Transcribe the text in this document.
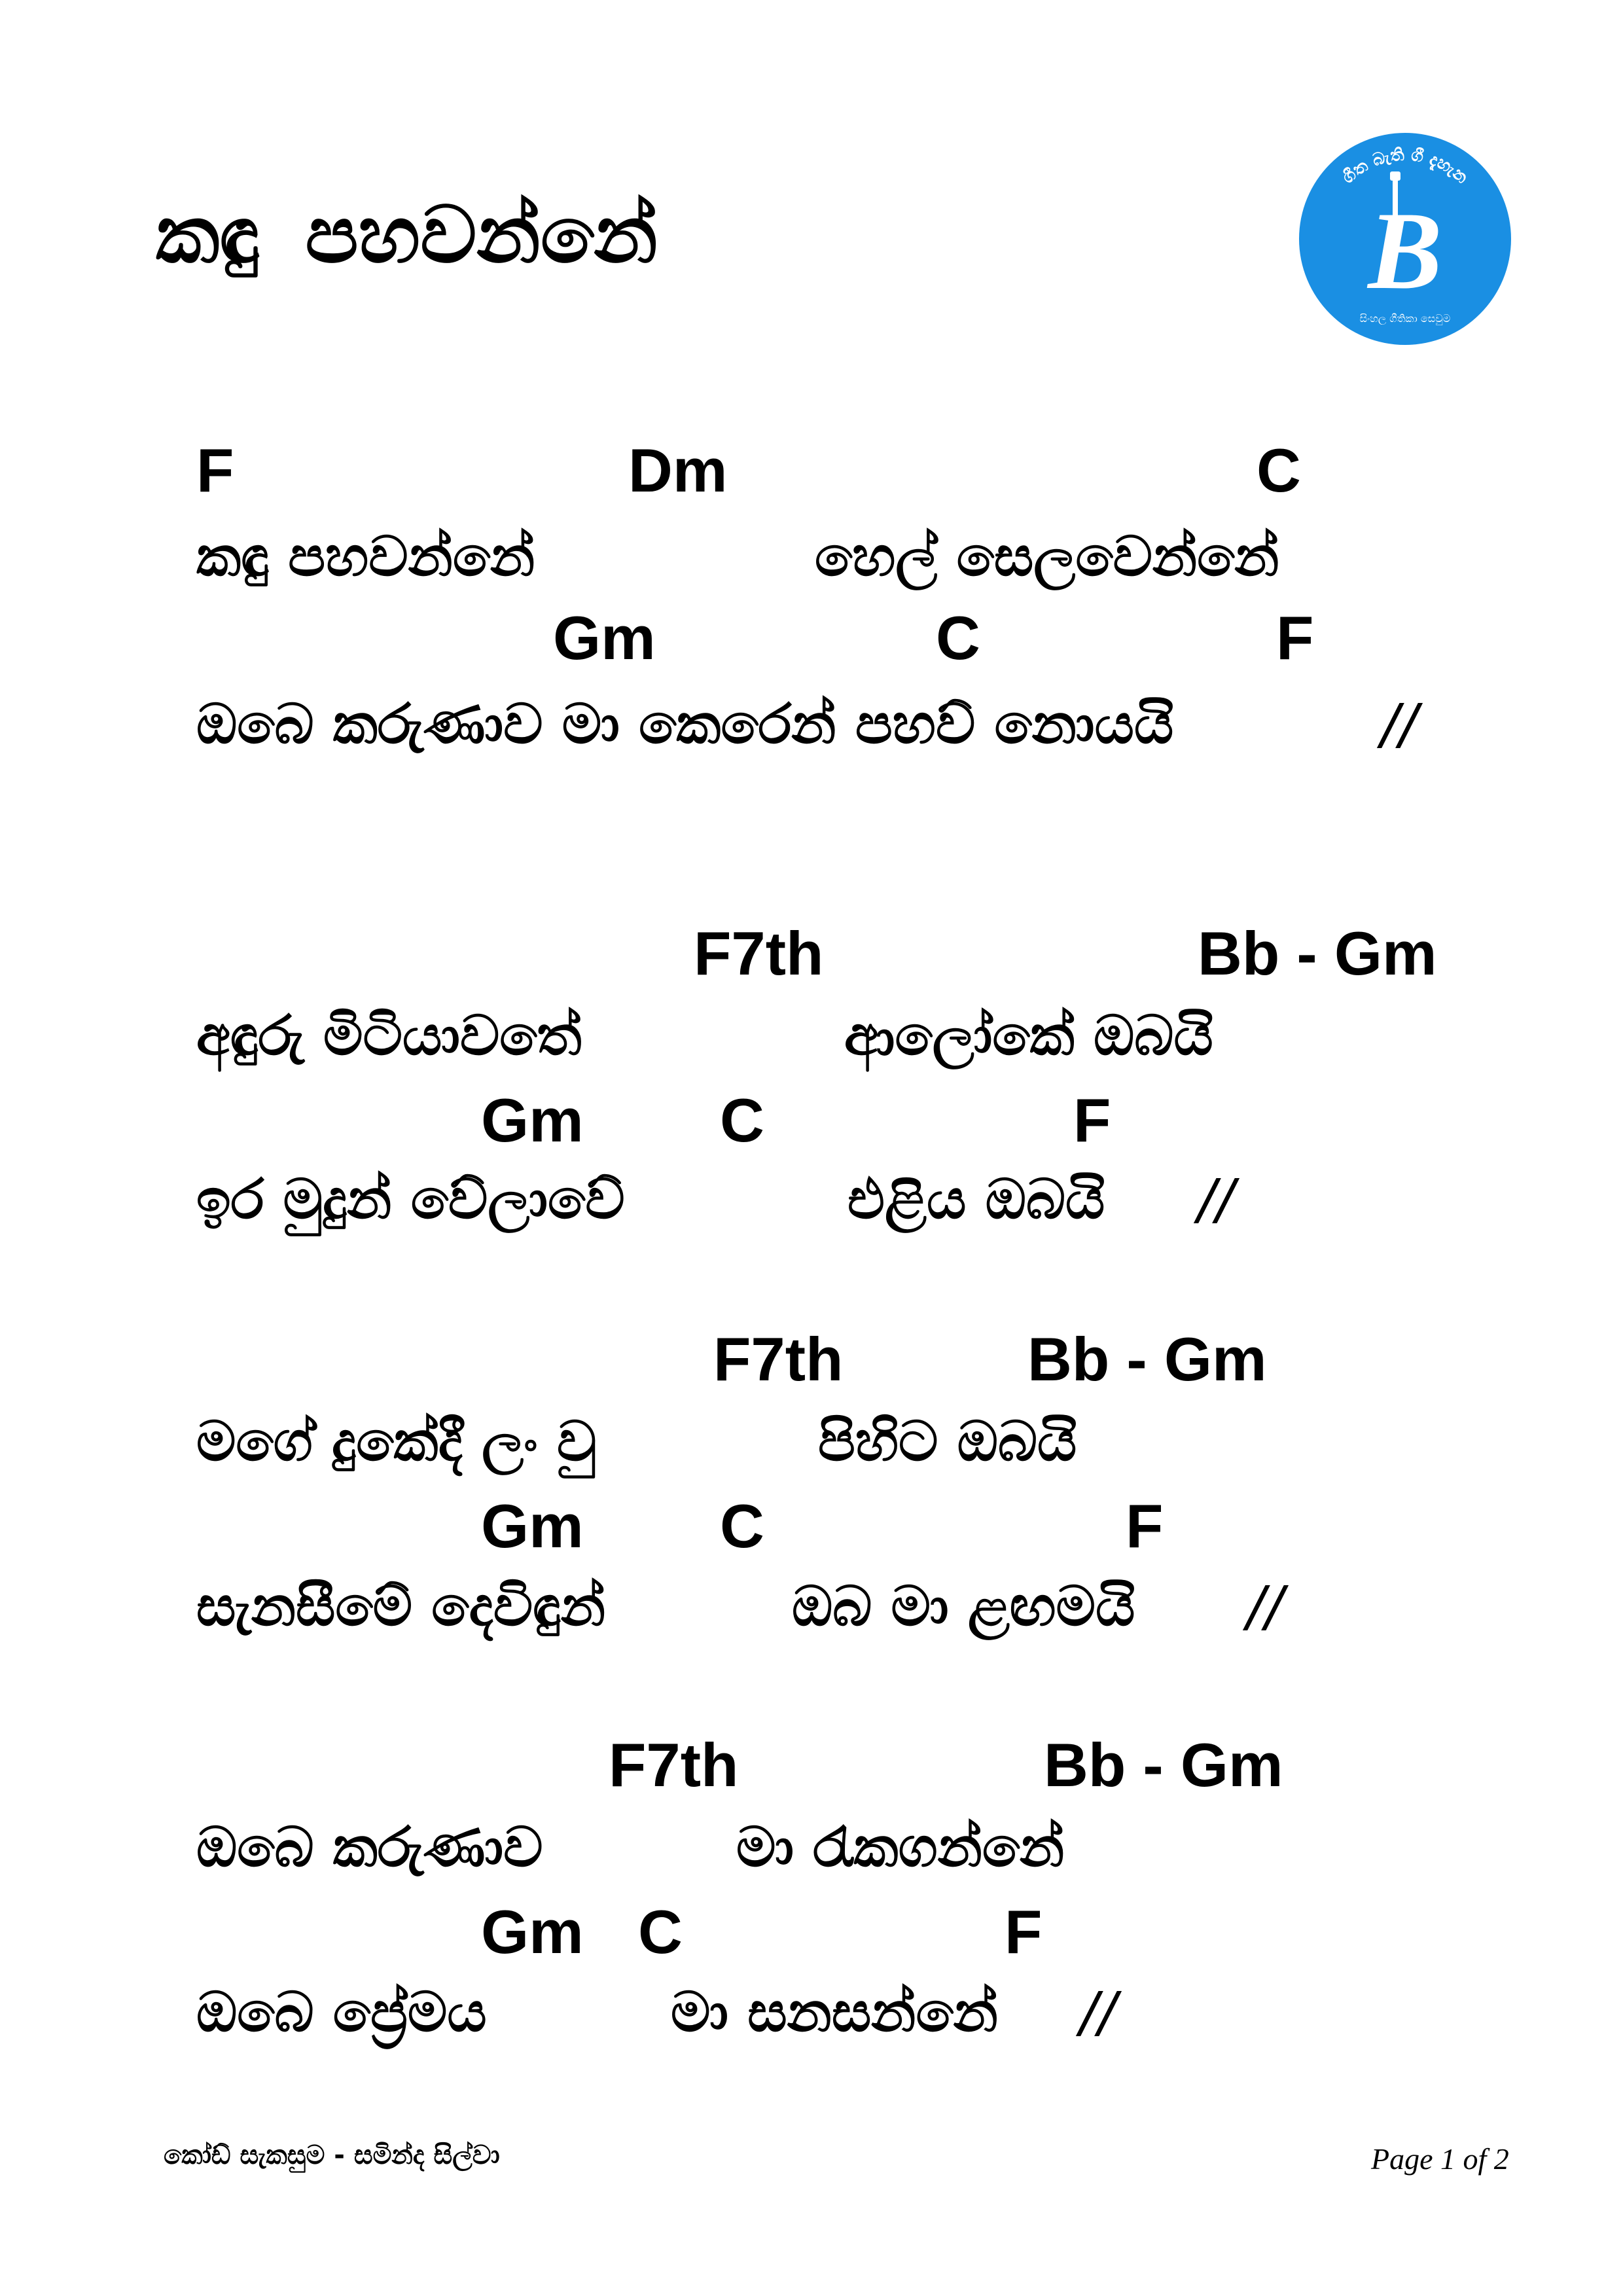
කඳු පහවන්නේ
ගීත බැති ගී දැහැන
B
සිංහල ගීතිකා සෙවුම
F	Dm	C
කඳු පහවන්නේ	හෙල් සෙලවෙන්නේ
Gm	C	F
ඔබෙ කරුණාව මා කෙරෙන් පහව් නොයයි	//
F7th	Bb - Gm
අඳුරු මිටියාවතේ	ආලෝකේ ඔබයි
Gm C	F
ඉර මුදුන් වේලාවේ	එළිය ඔබයි //
F7th	Bb - Gm
මගේ දුකේදී ලං වු	පිහිට ඔබයි
Gm C	F
සැනසීමේ දෙවිඳුන්	ඔබ මා ළඟමයි //
F7th	Bb - Gm
ඔබෙ කරුණාව	මා රැකගන්නේ
Gm C	F
ඔබෙ ප්‍රේමය	මා සනසන්නේ //
කෝඩ් සැකසුම - සමින්ද සිල්වා	Page 1 of 2
